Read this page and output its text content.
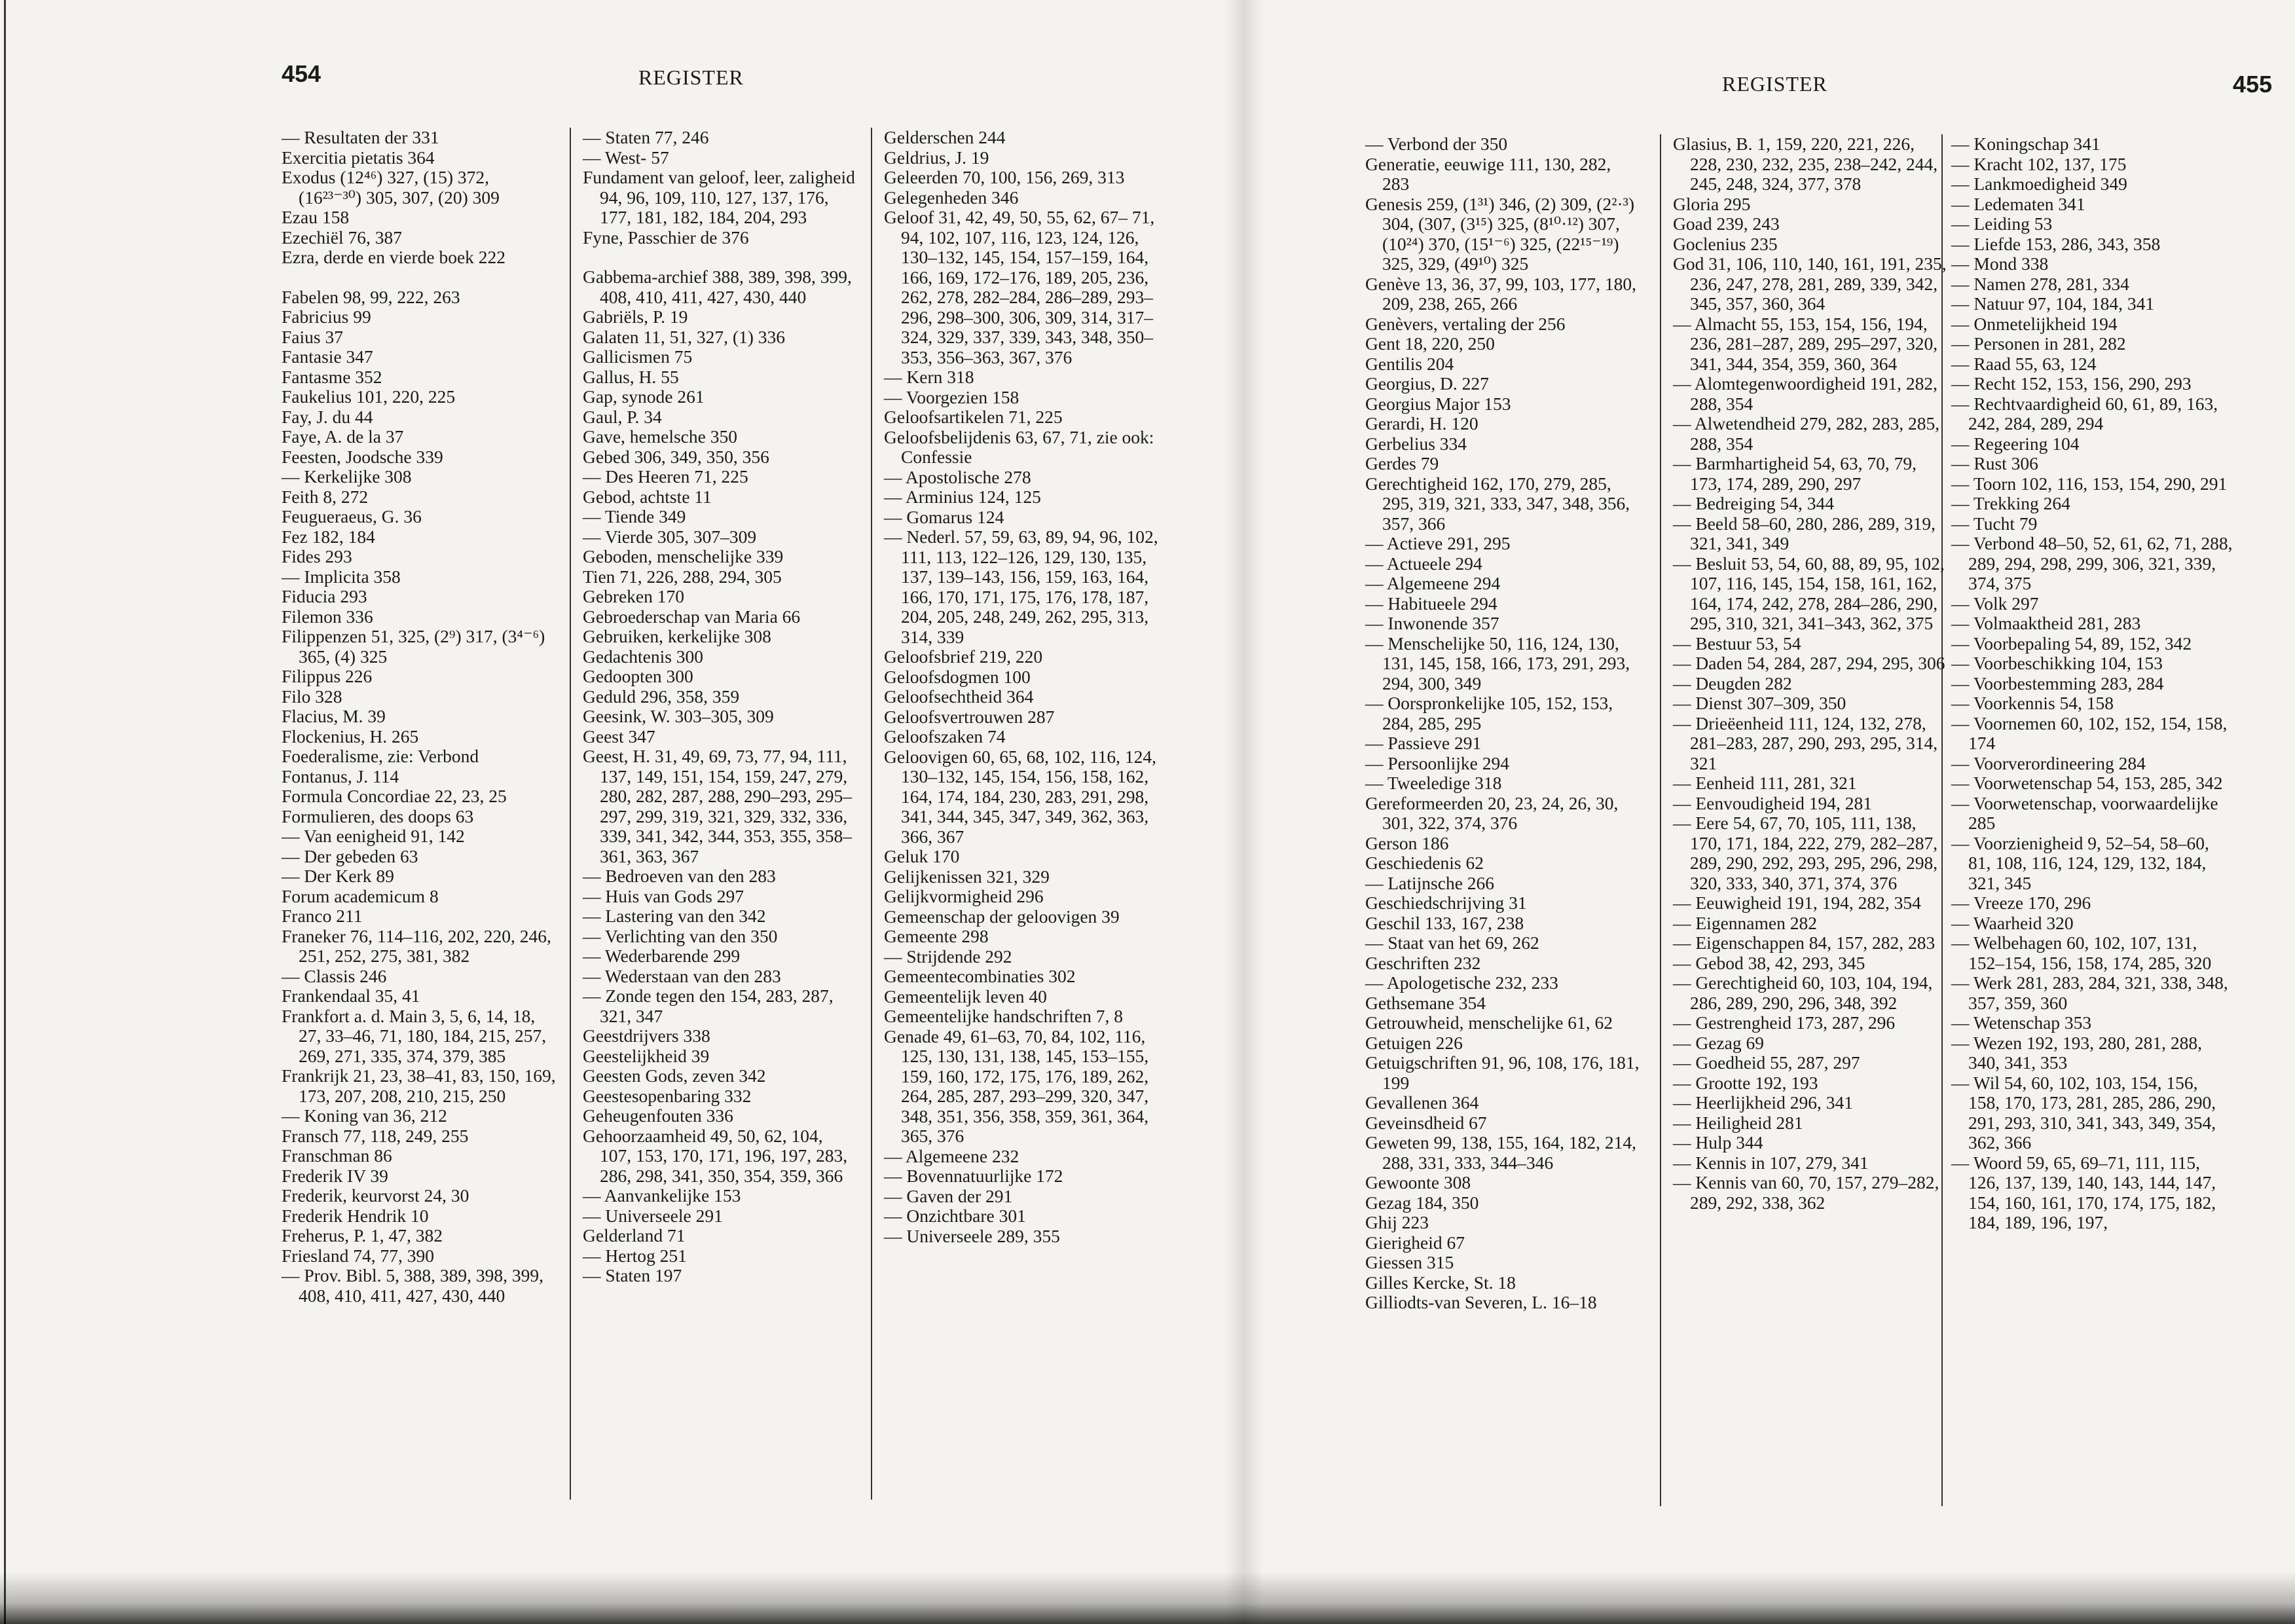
454	REGISTER

— Resultaten der 331

Exercitia pietatis 364

Exodus (12⁴⁶) 327, (15) 372, (16²³⁻³⁰) 305, 307, (20) 309

Ezau 158

Ezechiël 76, 387

Ezra, derde en vierde boek 222

Fabelen 98, 99, 222, 263

Fabricius 99

Faius 37

Fantasie 347

Fantasme 352

Faukelius 101, 220, 225

Fay, J. du 44

Faye, A. de la 37

Feesten, Joodsche 339

— Kerkelijke 308

Feith 8, 272

Feugueraeus, G. 36

Fez 182, 184

Fides 293

— Implicita 358

Fiducia 293

Filemon 336

Filippenzen 51, 325, (2⁹) 317, (3⁴⁻⁶) 365, (4) 325

Filippus 226

Filo 328

Flacius, M. 39

Flockenius, H. 265

Foederalisme, zie: Verbond

Fontanus, J. 114

Formula Concordiae 22, 23, 25

Formulieren, des doops 63

— Van eenigheid 91, 142

— Der gebeden 63

— Der Kerk 89

Forum academicum 8

Franco 211

Franeker 76, 114–116, 202, 220, 246, 251, 252, 275, 381, 382

— Classis 246

Frankendaal 35, 41

Frankfort a. d. Main 3, 5, 6, 14, 18, 27, 33–46, 71, 180, 184, 215, 257, 269, 271, 335, 374, 379, 385

Frankrijk 21, 23, 38–41, 83, 150, 169, 173, 207, 208, 210, 215, 250

— Koning van 36, 212

Fransch 77, 118, 249, 255

Franschman 86

Frederik IV 39

Frederik, keurvorst 24, 30

Frederik Hendrik 10

Freherus, P. 1, 47, 382

Friesland 74, 77, 390

— Prov. Bibl. 5, 388, 389, 398, 399, 408, 410, 411, 427, 430, 440

— Staten 77, 246

— West- 57

Fundament van geloof, leer, zaligheid 94, 96, 109, 110, 127, 137, 176, 177, 181, 182, 184, 204, 293

Fyne, Passchier de 376

Gabbema-archief 388, 389, 398, 399, 408, 410, 411, 427, 430, 440

Gabriëls, P. 19

Galaten 11, 51, 327, (1) 336

Gallicismen 75

Gallus, H. 55

Gap, synode 261

Gaul, P. 34

Gave, hemelsche 350

Gebed 306, 349, 350, 356

— Des Heeren 71, 225

Gebod, achtste 11

— Tiende 349

— Vierde 305, 307–309

Geboden, menschelijke 339

Tien 71, 226, 288, 294, 305

Gebreken 170

Gebroederschap van Maria 66

Gebruiken, kerkelijke 308

Gedachtenis 300

Gedoopten 300

Geduld 296, 358, 359

Geesink, W. 303–305, 309

Geest 347

Geest, H. 31, 49, 69, 73, 77, 94, 111, 137, 149, 151, 154, 159, 247, 279, 280, 282, 287, 288, 290–293, 295–297, 299, 319, 321, 329, 332, 336, 339, 341, 342, 344, 353, 355, 358–361, 363, 367

— Bedroeven van den 283

— Huis van Gods 297

— Lastering van den 342

— Verlichting van den 350

— Wederbarende 299

— Wederstaan van den 283

— Zonde tegen den 154, 283, 287, 321, 347

Geestdrijvers 338

Geestelijkheid 39

Geesten Gods, zeven 342

Geestesopenbaring 332

Geheugenfouten 336

Gehoorzaamheid 49, 50, 62, 104, 107, 153, 170, 171, 196, 197, 283, 286, 298, 341, 350, 354, 359, 366

— Aanvankelijke 153

— Universeele 291

Gelderland 71

— Hertog 251

— Staten 197

Gelderschen 244

Geldrius, J. 19

Geleerden 70, 100, 156, 269, 313

Gelegenheden 346

Geloof 31, 42, 49, 50, 55, 62, 67– 71, 94, 102, 107, 116, 123, 124, 126, 130–132, 145, 154, 157–159, 164, 166, 169, 172–176, 189, 205, 236, 262, 278, 282–284, 286–289, 293–296, 298–300, 306, 309, 314, 317–324, 329, 337, 339, 343, 348, 350–353, 356–363, 367, 376

— Kern 318

— Voorgezien 158

Geloofsartikelen 71, 225

Geloofsbelijdenis 63, 67, 71, zie ook: Confessie

— Apostolische 278

— Arminius 124, 125

— Gomarus 124

— Nederl. 57, 59, 63, 89, 94, 96, 102, 111, 113, 122–126, 129, 130, 135, 137, 139–143, 156, 159, 163, 164, 166, 170, 171, 175, 176, 178, 187, 204, 205, 248, 249, 262, 295, 313, 314, 339

Geloofsbrief 219, 220

Geloofsdogmen 100

Geloofsechtheid 364

Geloofsvertrouwen 287

Geloofszaken 74

Geloovigen 60, 65, 68, 102, 116, 124, 130–132, 145, 154, 156, 158, 162, 164, 174, 184, 230, 283, 291, 298, 341, 344, 345, 347, 349, 362, 363, 366, 367

Geluk 170

Gelijkenissen 321, 329

Gelijkvormigheid 296

Gemeenschap der geloovigen 39

Gemeente 298

— Strijdende 292

Gemeentecombinaties 302

Gemeentelijk leven 40

Gemeentelijke handschriften 7, 8

Genade 49, 61–63, 70, 84, 102, 116, 125, 130, 131, 138, 145, 153–155, 159, 160, 172, 175, 176, 189, 262, 264, 285, 287, 293–299, 320, 347, 348, 351, 356, 358, 359, 361, 364, 365, 376

— Algemeene 232

— Bovennatuurlijke 172

— Gaven der 291

— Onzichtbare 301

— Universeele 289, 355

REGISTER	455

— Verbond der 350

Generatie, eeuwige 111, 130, 282, 283

Genesis 259, (1³¹) 346, (2) 309, (2²·³) 304, (307, (3¹⁵) 325, (8¹⁰·¹²) 307, (10²⁴) 370, (15¹⁻⁶) 325, (22¹⁵⁻¹⁹) 325, 329, (49¹⁰) 325

Genève 13, 36, 37, 99, 103, 177, 180, 209, 238, 265, 266

Genèvers, vertaling der 256

Gent 18, 220, 250

Gentilis 204

Georgius, D. 227

Georgius Major 153

Gerardi, H. 120

Gerbelius 334

Gerdes 79

Gerechtigheid 162, 170, 279, 285, 295, 319, 321, 333, 347, 348, 356, 357, 366

— Actieve 291, 295

— Actueele 294

— Algemeene 294

— Habitueele 294

— Inwonende 357

— Menschelijke 50, 116, 124, 130, 131, 145, 158, 166, 173, 291, 293, 294, 300, 349

— Oorspronkelijke 105, 152, 153, 284, 285, 295

— Passieve 291

— Persoonlijke 294

— Tweeledige 318

Gereformeerden 20, 23, 24, 26, 30, 301, 322, 374, 376

Gerson 186

Geschiedenis 62

— Latijnsche 266

Geschiedschrijving 31

Geschil 133, 167, 238

— Staat van het 69, 262

Geschriften 232

— Apologetische 232, 233

Gethsemane 354

Getrouwheid, menschelijke 61, 62

Getuigen 226

Getuigschriften 91, 96, 108, 176, 181, 199

Gevallenen 364

Geveinsdheid 67

Geweten 99, 138, 155, 164, 182, 214, 288, 331, 333, 344–346

Gewoonte 308

Gezag 184, 350

Ghij 223

Gierigheid 67

Giessen 315

Gilles Kercke, St. 18

Gilliodts-van Severen, L. 16–18

Glasius, B. 1, 159, 220, 221, 226, 228, 230, 232, 235, 238–242, 244, 245, 248, 324, 377, 378

Gloria 295

Goad 239, 243

Goclenius 235

God 31, 106, 110, 140, 161, 191, 235, 236, 247, 278, 281, 289, 339, 342, 345, 357, 360, 364

— Almacht 55, 153, 154, 156, 194, 236, 281–287, 289, 295–297, 320, 341, 344, 354, 359, 360, 364

— Alomtegenwoordigheid 191, 282, 288, 354

— Alwetendheid 279, 282, 283, 285, 288, 354

— Barmhartigheid 54, 63, 70, 79, 173, 174, 289, 290, 297

— Bedreiging 54, 344

— Beeld 58–60, 280, 286, 289, 319, 321, 341, 349

— Besluit 53, 54, 60, 88, 89, 95, 102, 107, 116, 145, 154, 158, 161, 162, 164, 174, 242, 278, 284–286, 290, 295, 310, 321, 341–343, 362, 375

— Bestuur 53, 54

— Daden 54, 284, 287, 294, 295, 306

— Deugden 282

— Dienst 307–309, 350

— Drieëenheid 111, 124, 132, 278, 281–283, 287, 290, 293, 295, 314, 321

— Eenheid 111, 281, 321

— Eenvoudigheid 194, 281

— Eere 54, 67, 70, 105, 111, 138, 170, 171, 184, 222, 279, 282–287, 289, 290, 292, 293, 295, 296, 298, 320, 333, 340, 371, 374, 376

— Eeuwigheid 191, 194, 282, 354

— Eigennamen 282

— Eigenschappen 84, 157, 282, 283

— Gebod 38, 42, 293, 345

— Gerechtigheid 60, 103, 104, 194, 286, 289, 290, 296, 348, 392

— Gestrengheid 173, 287, 296

— Gezag 69

— Goedheid 55, 287, 297

— Grootte 192, 193

— Heerlijkheid 296, 341

— Heiligheid 281

— Hulp 344

— Kennis in 107, 279, 341

— Kennis van 60, 70, 157, 279–282, 289, 292, 338, 362

— Koningschap 341

— Kracht 102, 137, 175

— Lankmoedigheid 349

— Ledematen 341

— Leiding 53

— Liefde 153, 286, 343, 358

— Mond 338

— Namen 278, 281, 334

— Natuur 97, 104, 184, 341

— Onmetelijkheid 194

— Personen in 281, 282

— Raad 55, 63, 124

— Recht 152, 153, 156, 290, 293

— Rechtvaardigheid 60, 61, 89, 163, 242, 284, 289, 294

— Regeering 104

— Rust 306

— Toorn 102, 116, 153, 154, 290, 291

— Trekking 264

— Tucht 79

— Verbond 48–50, 52, 61, 62, 71, 288, 289, 294, 298, 299, 306, 321, 339, 374, 375

— Volk 297

— Volmaaktheid 281, 283

— Voorbepaling 54, 89, 152, 342

— Voorbeschikking 104, 153

— Voorbestemming 283, 284

— Voorkennis 54, 158

— Voornemen 60, 102, 152, 154, 158, 174

— Voorverordineering 284

— Voorwetenschap 54, 153, 285, 342

— Voorwetenschap, voorwaardelijke 285

— Voorzienigheid 9, 52–54, 58–60, 81, 108, 116, 124, 129, 132, 184, 321, 345

— Vreeze 170, 296

— Waarheid 320

— Welbehagen 60, 102, 107, 131, 152–154, 156, 158, 174, 285, 320

— Werk 281, 283, 284, 321, 338, 348, 357, 359, 360

— Wetenschap 353

— Wezen 192, 193, 280, 281, 288, 340, 341, 353

— Wil 54, 60, 102, 103, 154, 156, 158, 170, 173, 281, 285, 286, 290, 291, 293, 310, 341, 343, 349, 354, 362, 366

— Woord 59, 65, 69–71, 111, 115, 126, 137, 139, 140, 143, 144, 147, 154, 160, 161, 170, 174, 175, 182, 184, 189, 196, 197,
